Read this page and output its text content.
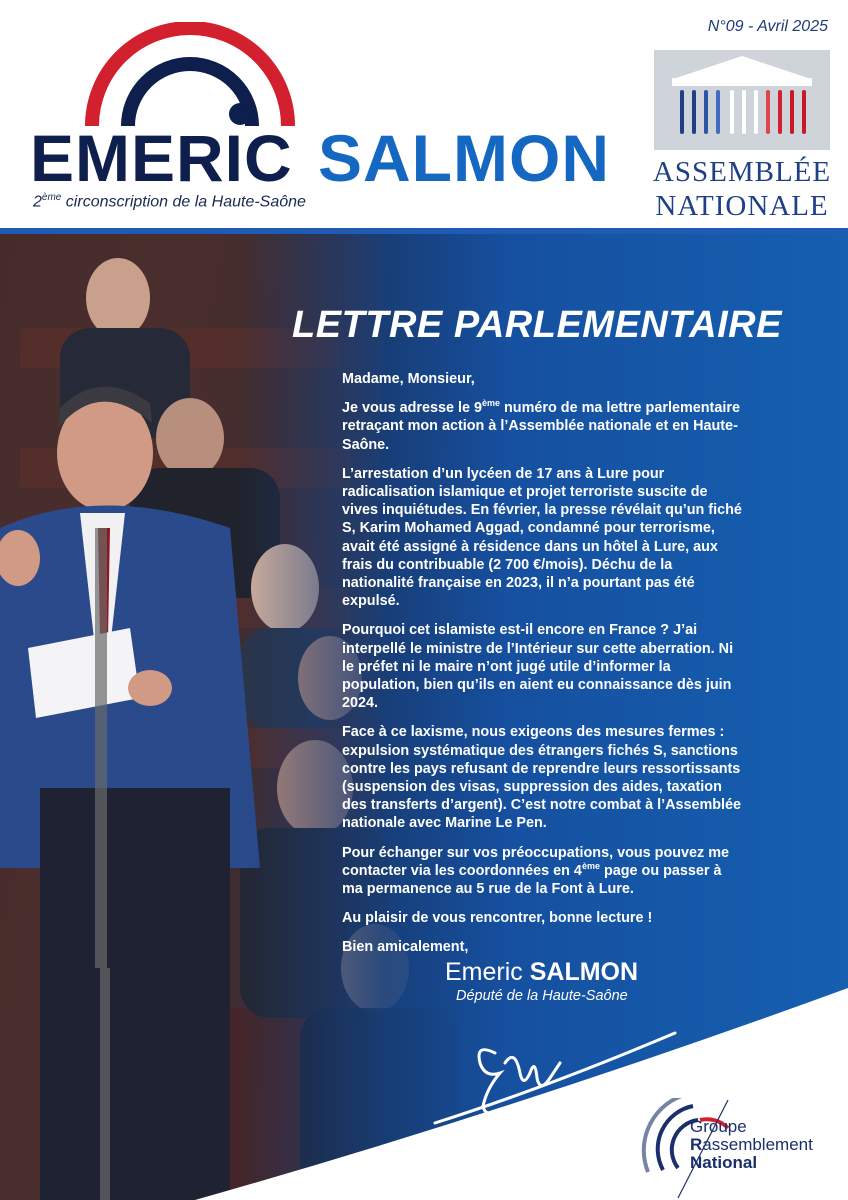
EMERIC SALMON
2ème circonscription de la Haute-Saône
N°09 - Avril 2025
ASSEMBLÉE
NATIONALE
LETTRE PARLEMENTAIRE

Madame, Monsieur,

Je vous adresse le 9ème numéro de ma lettre parlementaire retraçant mon action à l’Assemblée nationale et en Haute-Saône.

L’arrestation d’un lycéen de 17 ans à Lure pour radicalisation islamique et projet terroriste suscite de vives inquiétudes. En février, la presse révélait qu’un fiché S, Karim Mohamed Aggad, condamné pour terrorisme, avait été assigné à résidence dans un hôtel à Lure, aux frais du contribuable (2 700 €/mois). Déchu de la nationalité française en 2023, il n’a pourtant pas été expulsé.

Pourquoi cet islamiste est-il encore en France ? J’ai interpellé le ministre de l’Intérieur sur cette aberration. Ni le préfet ni le maire n’ont jugé utile d’informer la population, bien qu’ils en aient eu connaissance dès juin 2024.

Face à ce laxisme, nous exigeons des mesures fermes : expulsion systématique des étrangers fichés S, sanctions contre les pays refusant de reprendre leurs ressortissants (suspension des visas, suppression des aides, taxation des transferts d’argent). C’est notre combat à l’Assemblée nationale avec Marine Le Pen.

Pour échanger sur vos préoccupations, vous pouvez me contacter via les coordonnées en 4ème page ou passer à ma permanence au 5 rue de la Font à Lure.

Au plaisir de vous rencontrer, bonne lecture !

Bien amicalement,

Emeric SALMON
Député de la Haute-Saône
Groupe
Rassemblement
National
